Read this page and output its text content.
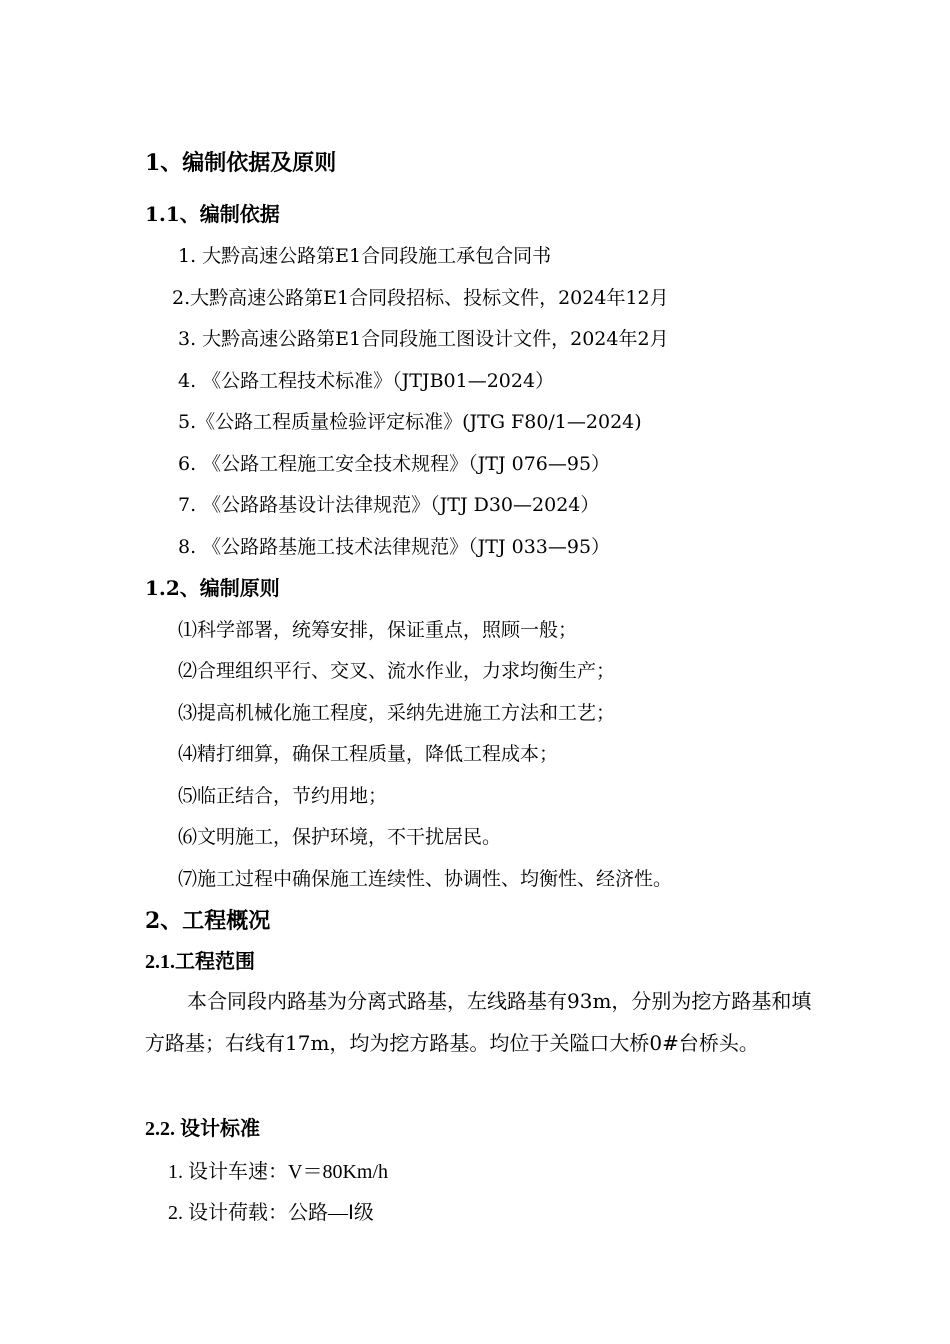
1、编制依据及原则
1.1、编制依据
1. 大黔高速公路第E1合同段施工承包合同书
2.大黔高速公路第E1合同段招标、投标文件，2024年12月
3. 大黔高速公路第E1合同段施工图设计文件，2024年2月
4. 《公路工程技术标准》（JTJB01—2024）
5.《公路工程质量检验评定标准》(JTG F80/1—2024)
6. 《公路工程施工安全技术规程》（JTJ 076—95）
7. 《公路路基设计法律规范》（JTJ D30—2024）
8. 《公路路基施工技术法律规范》（JTJ 033—95）
1.2、编制原则
⑴科学部署，统筹安排，保证重点，照顾一般；
⑵合理组织平行、交叉、流水作业，力求均衡生产；
⑶提高机械化施工程度，采纳先进施工方法和工艺；
⑷精打细算，确保工程质量，降低工程成本；
⑸临正结合，节约用地；
⑹文明施工，保护环境，不干扰居民。
⑺施工过程中确保施工连续性、协调性、均衡性、经济性。
2、工程概况
2.1.工程范围
本合同段内路基为分离式路基，左线路基有93m，分别为挖方路基和填方路基；右线有17m，均为挖方路基。均位于关隘口大桥0#台桥头。
2.2. 设计标准
1. 设计车速：V＝80Km/h
2. 设计荷载：公路—Ⅰ级
